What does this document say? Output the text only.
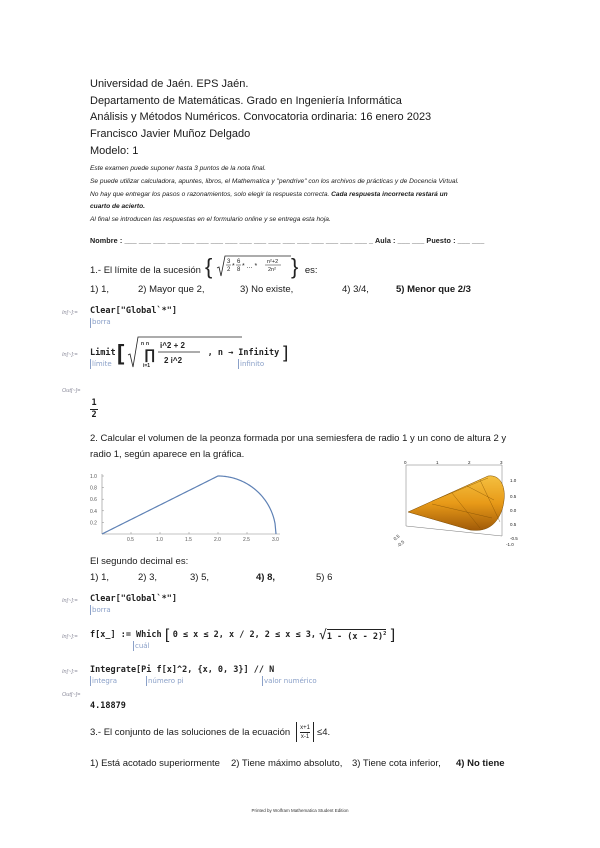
Universidad de Jaén. EPS Jaén.
Departamento de Matemáticas. Grado en Ingeniería Informática
Análisis y Métodos Numéricos. Convocatoria ordinaria: 16 enero 2023
Francisco Javier Muñoz Delgado
Modelo: 1
Este examen puede suponer hasta 3 puntos de la nota final.
Se puede utilizar calculadora, apuntes, libros, el Mathematica y "pendrive" con los archivos de prácticas y de Docencia Virtual.
No hay que entregar los pasos o razonamientos, solo elegir la respuesta correcta. Cada respuesta incorrecta restará un
cuarto de acierto.
Al final se introducen las respuestas en el formulario online y se entrega esta hoja.
Nombre : ___ ___ ___ ___ ___ ___ ___ ___ ___ ___ ___ ___ ___ ___ ___ ___ ___ _ Aula : ___ ___ Puesto : ___ ___
1.- El límite de la sucesión { 3
2 *
6
8 * ... *
n²+2
2n² } es:
1) 1,	2) Mayor que 2,	3) No existe,	4) 3/4,	5) Menor que 2/3
In[~]:= Clear["Global`*"]
borra
In[~]:= Limit [	n
∏
n
i=1
i^2 + 2
2 i^2
, n → Infinity ]
límite	infinito
Out[~]=
$\frac{1}{2}$
2. Calcular el volumen de la peonza formada por una semiesfera de radio 1 y un cono de altura 2 y
radio 1, según aparece en la gráfica.
0.5	1.0	1.5	2.0	2.5	3.0
0.2
0.4
0.6
0.8
1.0
0	1	2	3
1.0
0.5
0.0
0.5
-0.5
-1.0
0.5
-0.5
El segundo decimal es:
1) 1,	2) 3,	3) 5,	4) 8,	5) 6
In[~]:= Clear["Global`*"]
borra
In[~]:= f[x_] := Which [ 0 ≤ x ≤ 2, x / 2, 2 ≤ x ≤ 3, √ 1 - (x - 2)$^2$ ]
cuál
In[~]:= Integrate[Pi f[x]^2, {x, 0, 3}] // N
integra	número pi	valor numérico
Out[~]=
4.18879
3.- El conjunto de las soluciones de la ecuación $\frac{x+1}{x-1} \le 4$.
1) Está acotado superiormente 2) Tiene máximo absoluto, 3) Tiene cota inferior, 4) No tiene
Printed by Wolfram Mathematica Student Edition
